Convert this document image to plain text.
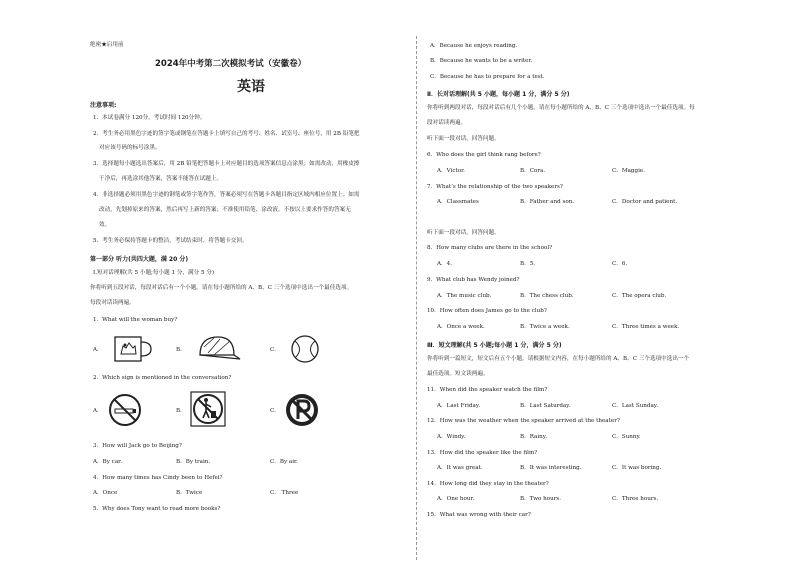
绝密★启用前
2024年中考第二次模拟考试（安徽卷）
英语
注意事项:
1．本试卷满分 120分，考试时间 120分钟。
2．考生务必用黑色字迹的签字笔或钢笔在答题卡上填写自己的考号、姓名、试室号、座位号，用 2B 铅笔把
对应该号码的标号涂黑。
3．选择题每小题选出答案后，用 2B 铅笔把答题卡上对应题目的选项答案信息点涂黑；如需改动，用橡皮擦
干净后，再选涂其他答案，答案不能答在试题上。
4．非选择题必须用黑色字迹的钢笔或签字笔作答，答案必须写在答题卡各题目指定区域内相应位置上；如需
改动，先划掉原来的答案，然后再写上新的答案；不准使用铅笔、涂改液，不按以上要求作答的答案无
效。
5．考生务必保持答题卡的整洁，考试结束时，将答题卡交回。
第一部分 听力(共四大题，满 20 分)
Ⅰ.短对话理解(共 5 小题;每小题 1 分，满分 5 分)
你将听到五段对话，每段对话后有一个小题。请在每小题所给的 A、B、C 三个选项中选出一个最佳选项。
每段对话读两遍。
1．What will the woman buy?
A．	B．	C．
2．Which sign is mentioned in the conversation?
A．	B．	C．
3．How will Jack go to Beijing?
A．By car.	B．By train.	C．By air.
4．How many times has Cindy been to Hefei?
A．Once	B．Twice	C． Three
5．Why does Tony want to read more books?
A．Because he enjoys reading.
B．Because he wants to be a writer.
C．Because he has to prepare for a test.
Ⅱ．长对话理解(共 5 小题，每小题 1 分，满分 5 分)
你将听到两段对话，每段对话后有几个小题。请在每小题所给的 A、B、C 三个选项中选出一个最佳选项。每
段对话读两遍。
听下面一段对话，回答问题。
6．Who does the girl think rang before?
A．Victor.	B．Cora.	C．Maggie.
7．What’s the relationship of the two speakers?
A．Classmates	B．Father and son.	C．Doctor and patient.
听下面一段对话，回答问题。
8．How many clubs are there in the school?
A．4.	B．5.	C．6.
9．What club has Wendy joined?
A．The music club.	B．The chess club.	C．The opera club.
10．How often does James go to the club?
A．Once a week.	B．Twice a week.	C．Three times a week.
Ⅲ．短文理解(共 5 小题;每小题 1 分，满分 5 分)
你将听到一篇短文，短文后有五个小题。请根据短文内容，在每小题所给的 A、B、C 三个选项中选出一个
最佳选项。短文读两遍。
11．When did the speaker watch the film?
A．Last Friday.	B．Last Saturday.	C．Last Sunday.
12．How was the weather when the speaker arrived at the theater?
A．Windy.	B．Rainy.	C．Sunny.
13．How did the speaker like the film?
A．It was great.	B．It was interesting.	C．It was boring.
14．How long did they stay in the theater?
A．One hour.	B．Two hours.	C．Three hours.
15．What was wrong with their car?
